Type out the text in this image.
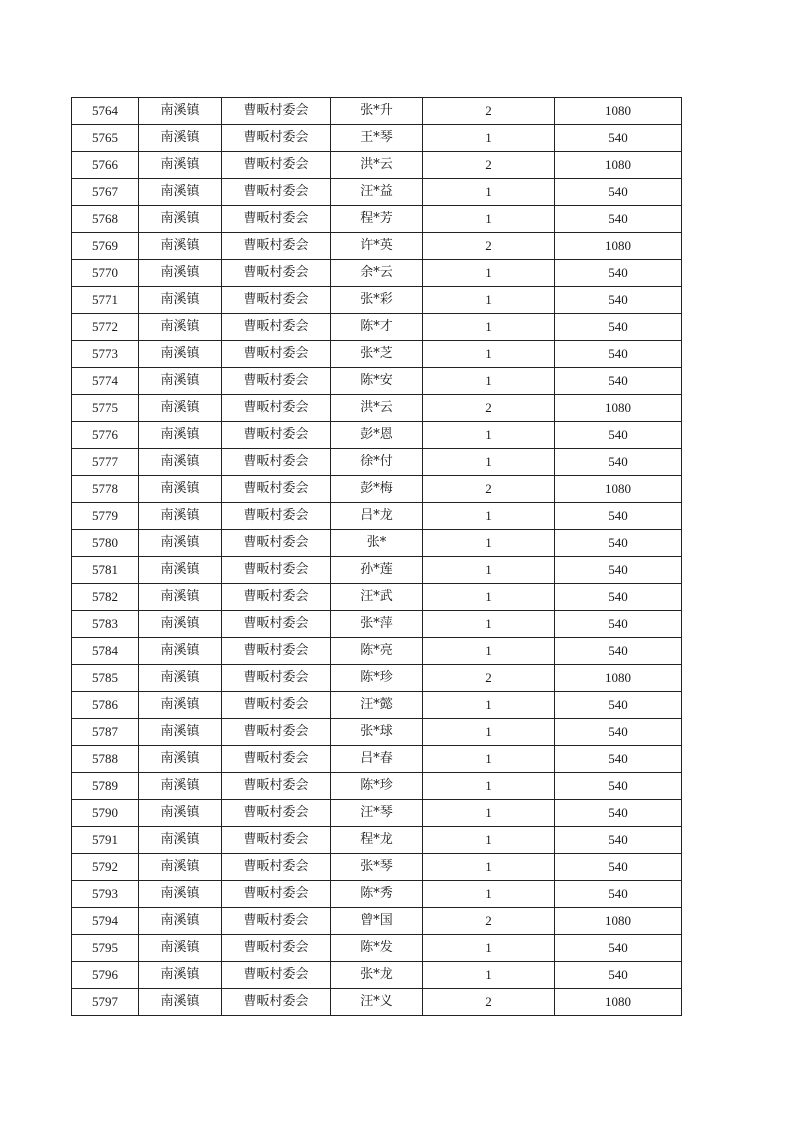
5764	南溪镇	曹畈村委会	张*升	2	1080
5765	南溪镇	曹畈村委会	王*琴	1	540
5766	南溪镇	曹畈村委会	洪*云	2	1080
5767	南溪镇	曹畈村委会	汪*益	1	540
5768	南溪镇	曹畈村委会	程*芳	1	540
5769	南溪镇	曹畈村委会	许*英	2	1080
5770	南溪镇	曹畈村委会	余*云	1	540
5771	南溪镇	曹畈村委会	张*彩	1	540
5772	南溪镇	曹畈村委会	陈*才	1	540
5773	南溪镇	曹畈村委会	张*芝	1	540
5774	南溪镇	曹畈村委会	陈*安	1	540
5775	南溪镇	曹畈村委会	洪*云	2	1080
5776	南溪镇	曹畈村委会	彭*恩	1	540
5777	南溪镇	曹畈村委会	徐*付	1	540
5778	南溪镇	曹畈村委会	彭*梅	2	1080
5779	南溪镇	曹畈村委会	吕*龙	1	540
5780	南溪镇	曹畈村委会	张*	1	540
5781	南溪镇	曹畈村委会	孙*莲	1	540
5782	南溪镇	曹畈村委会	汪*武	1	540
5783	南溪镇	曹畈村委会	张*萍	1	540
5784	南溪镇	曹畈村委会	陈*亮	1	540
5785	南溪镇	曹畈村委会	陈*珍	2	1080
5786	南溪镇	曹畈村委会	汪*懿	1	540
5787	南溪镇	曹畈村委会	张*球	1	540
5788	南溪镇	曹畈村委会	吕*春	1	540
5789	南溪镇	曹畈村委会	陈*珍	1	540
5790	南溪镇	曹畈村委会	汪*琴	1	540
5791	南溪镇	曹畈村委会	程*龙	1	540
5792	南溪镇	曹畈村委会	张*琴	1	540
5793	南溪镇	曹畈村委会	陈*秀	1	540
5794	南溪镇	曹畈村委会	曾*国	2	1080
5795	南溪镇	曹畈村委会	陈*发	1	540
5796	南溪镇	曹畈村委会	张*龙	1	540
5797	南溪镇	曹畈村委会	汪*义	2	1080
